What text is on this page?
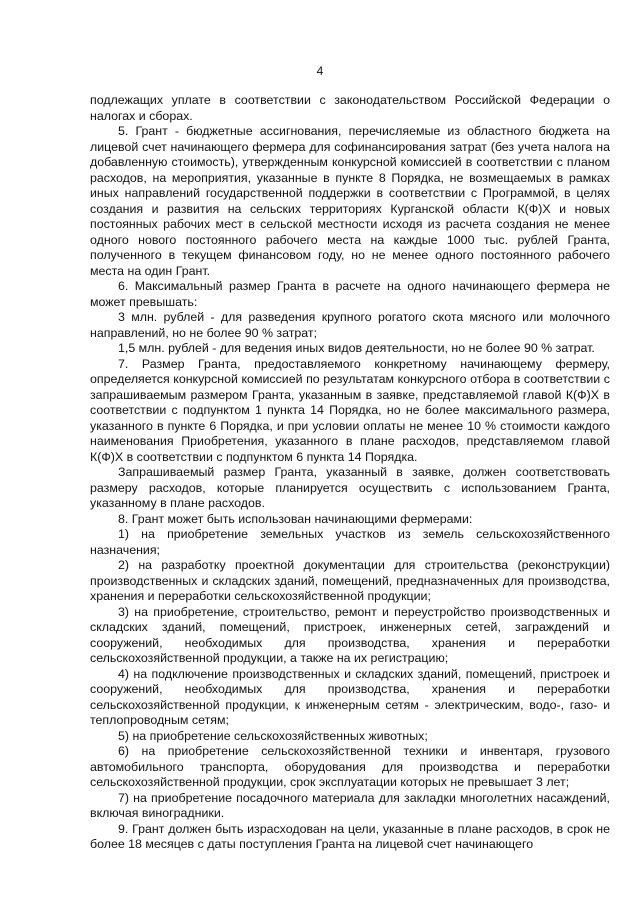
4

подлежащих уплате в соответствии с законодательством Российской Федерации о налогах и сборах.

5. Грант - бюджетные ассигнования, перечисляемые из областного бюджета на лицевой счет начинающего фермера для софинансирования затрат (без учета налога на добавленную стоимость), утвержденным конкурсной комиссией в соответствии с планом расходов, на мероприятия, указанные в пункте 8 Порядка, не возмещаемых в рамках иных направлений государственной поддержки в соответствии с Программой, в целях создания и развития на сельских территориях Курганской области К(Ф)Х и новых постоянных рабочих мест в сельской местности исходя из расчета создания не менее одного нового постоянного рабочего места на каждые 1000 тыс. рублей Гранта, полученного в текущем финансовом году, но не менее одного постоянного рабочего места на один Грант.

6. Максимальный размер Гранта в расчете на одного начинающего фермера не может превышать:

3 млн. рублей - для разведения крупного рогатого скота мясного или молочного направлений, но не более 90 % затрат;

1,5 млн. рублей - для ведения иных видов деятельности, но не более 90 % затрат.

7. Размер Гранта, предоставляемого конкретному начинающему фермеру, определяется конкурсной комиссией по результатам конкурсного отбора в соответствии с запрашиваемым размером Гранта, указанным в заявке, представляемой главой К(Ф)Х в соответствии с подпунктом 1 пункта 14 Порядка, но не более максимального размера, указанного в пункте 6 Порядка, и при условии оплаты не менее 10 % стоимости каждого наименования Приобретения, указанного в плане расходов, представляемом главой К(Ф)Х в соответствии с подпунктом 6 пункта 14 Порядка.

Запрашиваемый размер Гранта, указанный в заявке, должен соответствовать размеру расходов, которые планируется осуществить с использованием Гранта, указанному в плане расходов.

8. Грант может быть использован начинающими фермерами:

1) на приобретение земельных участков из земель сельскохозяйственного назначения;

2) на разработку проектной документации для строительства (реконструкции) производственных и складских зданий, помещений, предназначенных для производства, хранения и переработки сельскохозяйственной продукции;

3) на приобретение, строительство, ремонт и переустройство производственных и складских зданий, помещений, пристроек, инженерных сетей, заграждений и сооружений, необходимых для производства, хранения и переработки сельскохозяйственной продукции, а также на их регистрацию;

4) на подключение производственных и складских зданий, помещений, пристроек и сооружений, необходимых для производства, хранения и переработки сельскохозяйственной продукции, к инженерным сетям - электрическим, водо-, газо- и теплопроводным сетям;

5) на приобретение сельскохозяйственных животных;

6) на приобретение сельскохозяйственной техники и инвентаря, грузового автомобильного транспорта, оборудования для производства и переработки сельскохозяйственной продукции, срок эксплуатации которых не превышает 3 лет;

7) на приобретение посадочного материала для закладки многолетних насаждений, включая виноградники.

9. Грант должен быть израсходован на цели, указанные в плане расходов, в срок не более 18 месяцев с даты поступления Гранта на лицевой счет начинающего
